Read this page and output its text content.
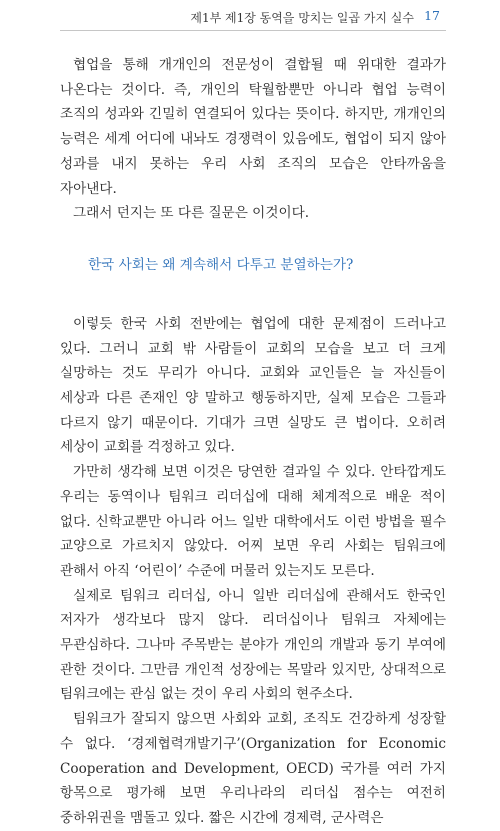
제1부 제1장 동역을 망치는 일곱 가지 실수 17

협업을 통해 개개인의 전문성이 결합될 때 위대한 결과가 나온다는 것이다. 즉, 개인의 탁월함뿐만 아니라 협업 능력이 조직의 성과와 긴밀히 연결되어 있다는 뜻이다. 하지만, 개개인의 능력은 세계 어디에 내놔도 경쟁력이 있음에도, 협업이 되지 않아 성과를 내지 못하는 우리 사회 조직의 모습은 안타까움을 자아낸다.

그래서 던지는 또 다른 질문은 이것이다.

한국 사회는 왜 계속해서 다투고 분열하는가?

이렇듯 한국 사회 전반에는 협업에 대한 문제점이 드러나고 있다. 그러니 교회 밖 사람들이 교회의 모습을 보고 더 크게 실망하는 것도 무리가 아니다. 교회와 교인들은 늘 자신들이 세상과 다른 존재인 양 말하고 행동하지만, 실제 모습은 그들과 다르지 않기 때문이다. 기대가 크면 실망도 큰 법이다. 오히려 세상이 교회를 걱정하고 있다.

가만히 생각해 보면 이것은 당연한 결과일 수 있다. 안타깝게도 우리는 동역이나 팀워크 리더십에 대해 체계적으로 배운 적이 없다. 신학교뿐만 아니라 어느 일반 대학에서도 이런 방법을 필수 교양으로 가르치지 않았다. 어찌 보면 우리 사회는 팀워크에 관해서 아직 ‘어린이’ 수준에 머물러 있는지도 모른다.

실제로 팀워크 리더십, 아니 일반 리더십에 관해서도 한국인 저자가 생각보다 많지 않다. 리더십이나 팀워크 자체에는 무관심하다. 그나마 주목받는 분야가 개인의 개발과 동기 부여에 관한 것이다. 그만큼 개인적 성장에는 목말라 있지만, 상대적으로 팀워크에는 관심 없는 것이 우리 사회의 현주소다.

팀워크가 잘되지 않으면 사회와 교회, 조직도 건강하게 성장할 수 없다. ‘경제협력개발기구’(Organization for Economic Cooperation and Development, OECD) 국가를 여러 가지 항목으로 평가해 보면 우리나라의 리더십 점수는 여전히 중하위권을 맴돌고 있다. 짧은 시간에 경제력, 군사력은
